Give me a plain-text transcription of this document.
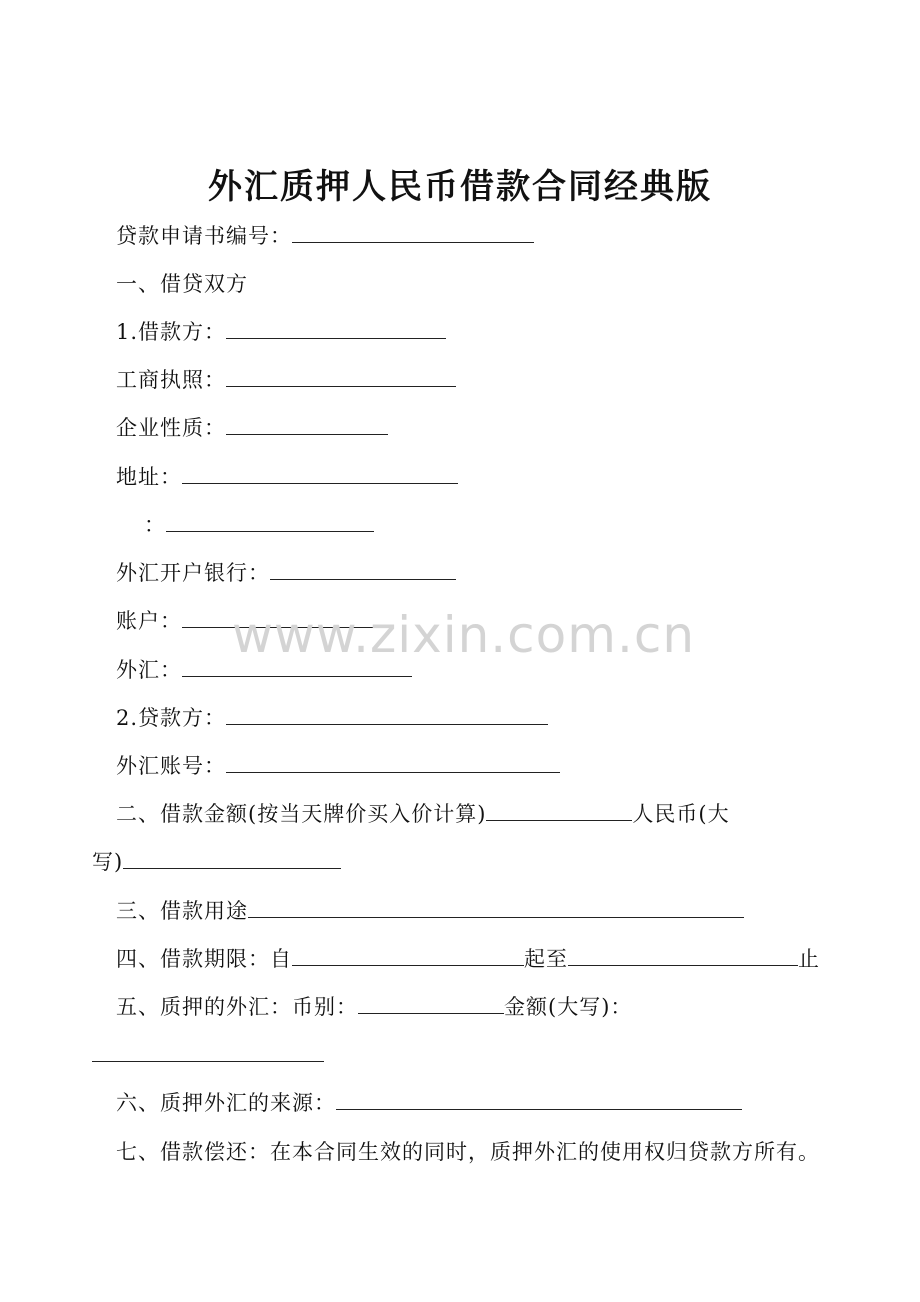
外汇质押人民币借款合同经典版
贷款申请书编号：
一、借贷双方
1.借款方：
工商执照：
企业性质：
地址：
：
外汇开户银行：
账户：
外汇：
2.贷款方：
外汇账号：
二、借款金额(按当天牌价买入价计算)	人民币(大
写)
三、借款用途
四、借款期限：自	起至	止
五、质押的外汇：币别：	金额(大写)：
六、质押外汇的来源：
七、借款偿还：在本合同生效的同时，质押外汇的使用权归贷款方所有。
www.zixin.com.cn
